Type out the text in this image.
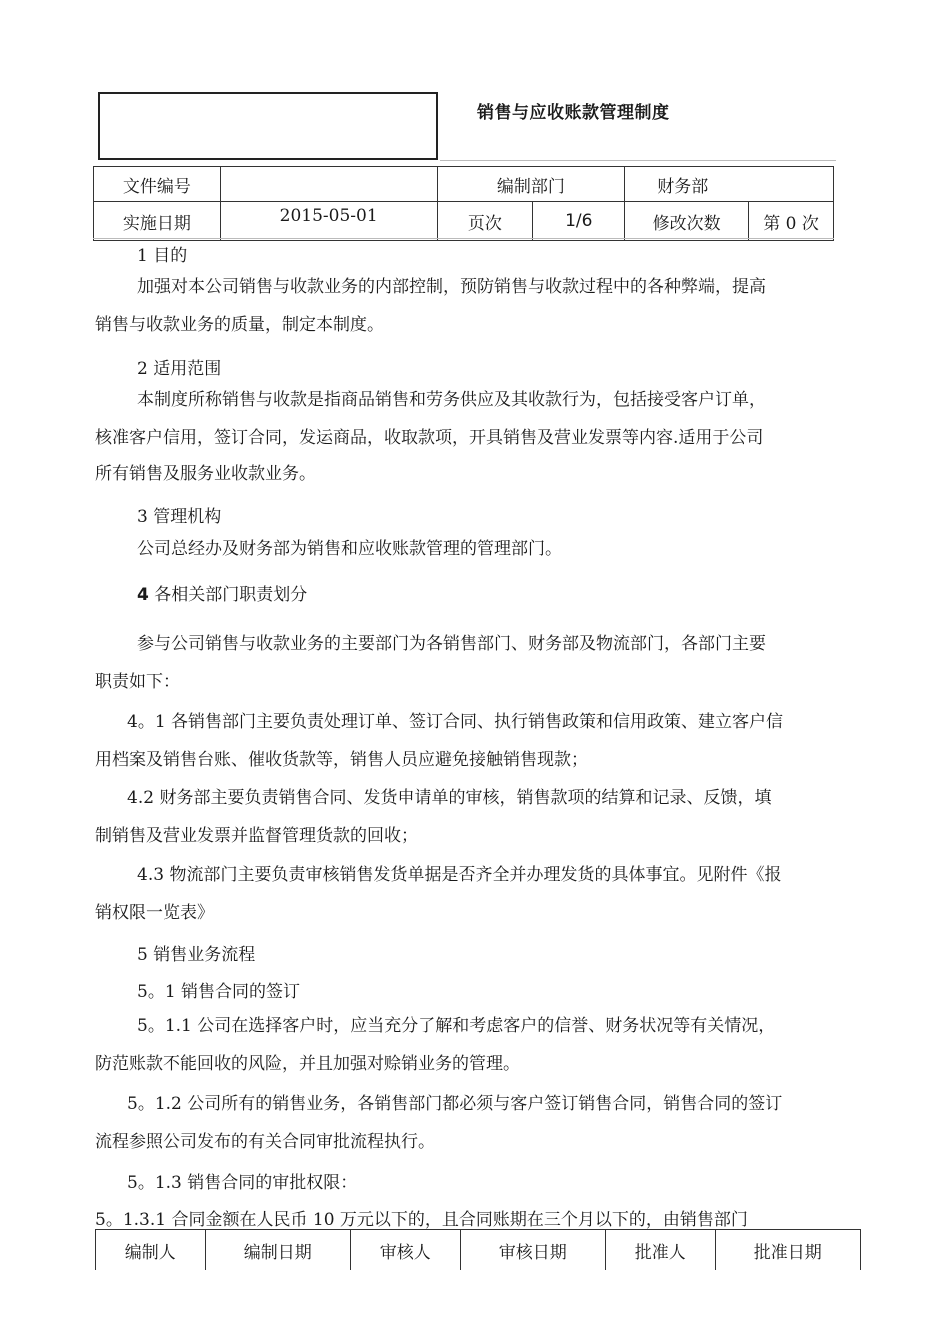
销售与应收账款管理制度
文件编号		编制部门		财务部	
实施日期	2015-05-01	页次	1/6	修改次数	第 0 次

1 目的

加强对本公司销售与收款业务的内部控制，预防销售与收款过程中的各种弊端，提高

销售与收款业务的质量，制定本制度。

2 适用范围

本制度所称销售与收款是指商品销售和劳务供应及其收款行为，包括接受客户订单，

核准客户信用，签订合同，发运商品，收取款项，开具销售及营业发票等内容.适用于公司

所有销售及服务业收款业务。

3 管理机构

公司总经办及财务部为销售和应收账款管理的管理部门。

4 各相关部门职责划分

参与公司销售与收款业务的主要部门为各销售部门、财务部及物流部门，各部门主要

职责如下：

4。1 各销售部门主要负责处理订单、签订合同、执行销售政策和信用政策、建立客户信

用档案及销售台账、催收货款等，销售人员应避免接触销售现款；

4.2 财务部主要负责销售合同、发货申请单的审核，销售款项的结算和记录、反馈，填

制销售及营业发票并监督管理货款的回收；

4.3 物流部门主要负责审核销售发货单据是否齐全并办理发货的具体事宜。见附件《报

销权限一览表》

5 销售业务流程

5。1 销售合同的签订

5。1.1 公司在选择客户时，应当充分了解和考虑客户的信誉、财务状况等有关情况，

防范账款不能回收的风险，并且加强对赊销业务的管理。

5。1.2 公司所有的销售业务，各销售部门都必须与客户签订销售合同，销售合同的签订

流程参照公司发布的有关合同审批流程执行。

5。1.3 销售合同的审批权限：

5。1.3.1 合同金额在人民币 10 万元以下的，且合同账期在三个月以下的，由销售部门

编制人	编制日期	审核人	审核日期	批准人	批准日期
